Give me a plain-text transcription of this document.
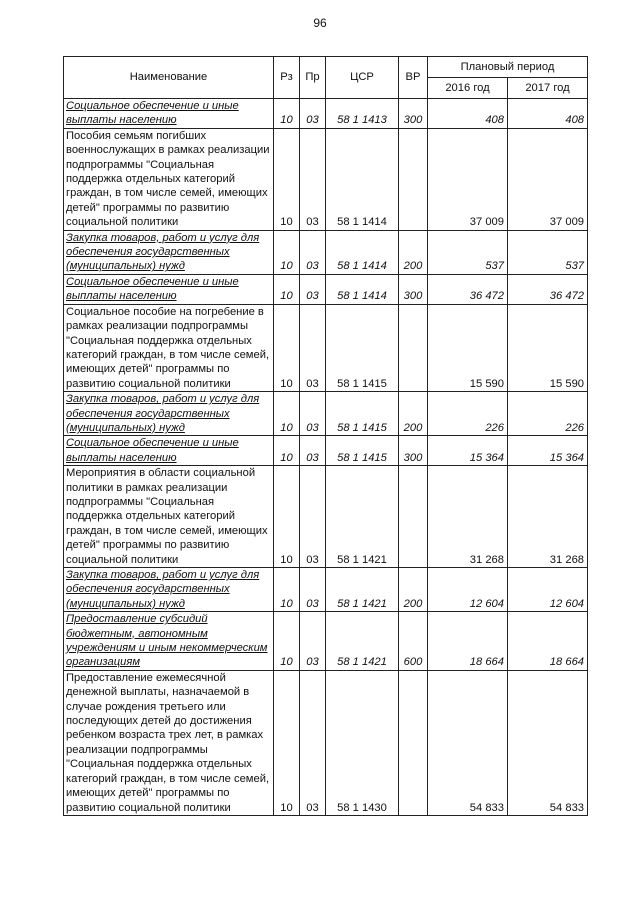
96
Наименование	Рз	Пр	ЦСР	ВР	Плановый период	
					2016 год	2017 год
Социальное обеспечение и иные выплаты населению	10	03	58 1 1413	300	408	408
Пособия семьям погибших военнослужащих в рамках реализации подпрограммы "Социальная поддержка отдельных категорий граждан, в том числе семей, имеющих детей" программы по развитию социальной политики	10	03	58 1 1414		37 009	37 009
Закупка товаров, работ и услуг для обеспечения государственных (муниципальных) нужд	10	03	58 1 1414	200	537	537
Социальное обеспечение и иные выплаты населению	10	03	58 1 1414	300	36 472	36 472
Социальное пособие на погребение в рамках реализации подпрограммы "Социальная поддержка отдельных категорий граждан, в том числе семей, имеющих детей" программы по развитию социальной политики	10	03	58 1 1415		15 590	15 590
Закупка товаров, работ и услуг для обеспечения государственных (муниципальных) нужд	10	03	58 1 1415	200	226	226
Социальное обеспечение и иные выплаты населению	10	03	58 1 1415	300	15 364	15 364
Мероприятия в области социальной политики в рамках реализации подпрограммы "Социальная поддержка отдельных категорий граждан, в том числе семей, имеющих детей" программы по развитию социальной политики	10	03	58 1 1421		31 268	31 268
Закупка товаров, работ и услуг для обеспечения государственных (муниципальных) нужд	10	03	58 1 1421	200	12 604	12 604
Предоставление субсидий бюджетным, автономным учреждениям и иным некоммерческим организациям	10	03	58 1 1421	600	18 664	18 664
Предоставление ежемесячной денежной выплаты, назначаемой в случае рождения третьего или последующих детей до достижения ребенком возраста трех лет, в рамках реализации подпрограммы "Социальная поддержка отдельных категорий граждан, в том числе семей, имеющих детей" программы по развитию социальной политики	10	03	58 1 1430		54 833	54 833
